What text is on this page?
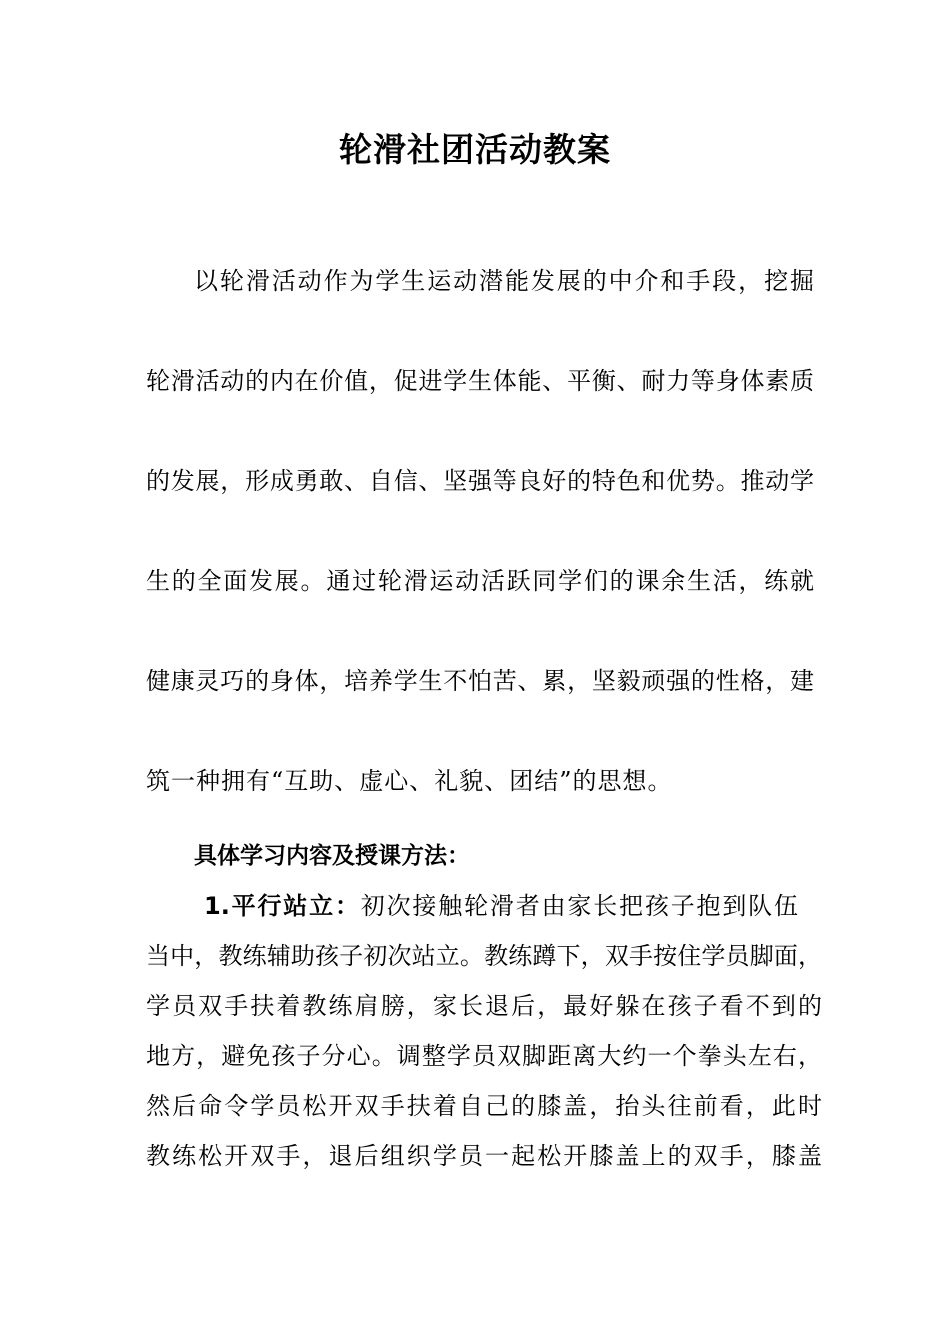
轮滑社团活动教案
以轮滑活动作为学生运动潜能发展的中介和手段，挖掘
轮滑活动的内在价值，促进学生体能、平衡、耐力等身体素质
的发展，形成勇敢、自信、坚强等良好的特色和优势。推动学
生的全面发展。通过轮滑运动活跃同学们的课余生活，练就
健康灵巧的身体，培养学生不怕苦、累，坚毅顽强的性格，建
筑一种拥有“互助、虚心、礼貌、团结”的思想。
具体学习内容及授课方法：
1.平行站立：初次接触轮滑者由家长把孩子抱到队伍
当中，教练辅助孩子初次站立。教练蹲下，双手按住学员脚面，
学员双手扶着教练肩膀，家长退后，最好躲在孩子看不到的
地方，避免孩子分心。调整学员双脚距离大约一个拳头左右，
然后命令学员松开双手扶着自己的膝盖，抬头往前看，此时
教练松开双手，退后组织学员一起松开膝盖上的双手，膝盖
